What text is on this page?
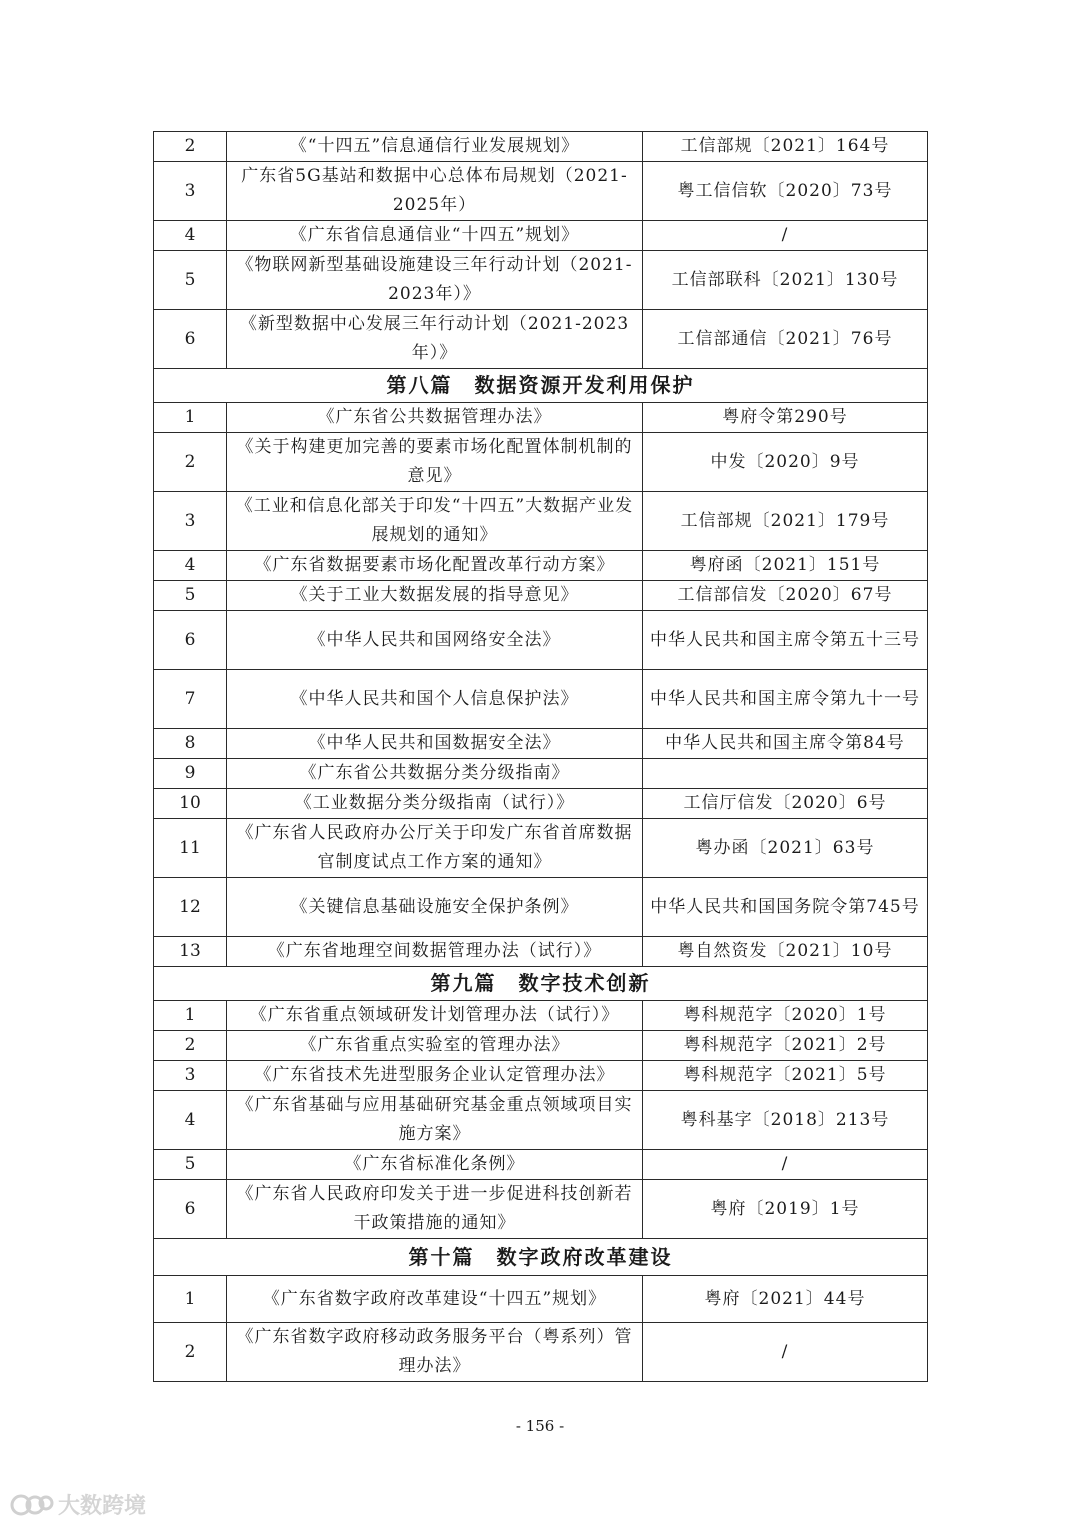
2	《“十四五”信息通信行业发展规划》	工信部规〔2021〕164号
3	广东省5G基站和数据中心总体布局规划（2021-2025年）	粤工信信软〔2020〕73号
4	《广东省信息通信业“十四五”规划》	/
5	《物联网新型基础设施建设三年行动计划（2021-2023年）》	工信部联科〔2021〕130号
6	《新型数据中心发展三年行动计划（2021-2023年）》	工信部通信〔2021〕76号
第八篇　数据资源开发利用保护		
1	《广东省公共数据管理办法》	粤府令第290号
2	《关于构建更加完善的要素市场化配置体制机制的意见》	中发〔2020〕9号
3	《工业和信息化部关于印发“十四五”大数据产业发展规划的通知》	工信部规〔2021〕179号
4	《广东省数据要素市场化配置改革行动方案》	粤府函〔2021〕151号
5	《关于工业大数据发展的指导意见》	工信部信发〔2020〕67号
6	《中华人民共和国网络安全法》	中华人民共和国主席令第五十三号
7	《中华人民共和国个人信息保护法》	中华人民共和国主席令第九十一号
8	《中华人民共和国数据安全法》	中华人民共和国主席令第84号
9	《广东省公共数据分类分级指南》	
10	《工业数据分类分级指南（试行）》	工信厅信发〔2020〕6号
11	《广东省人民政府办公厅关于印发广东省首席数据官制度试点工作方案的通知》	粤办函〔2021〕63号
12	《关键信息基础设施安全保护条例》	中华人民共和国国务院令第745号
13	《广东省地理空间数据管理办法（试行）》	粤自然资发〔2021〕10号
第九篇　数字技术创新		
1	《广东省重点领域研发计划管理办法（试行）》	粤科规范字〔2020〕1号
2	《广东省重点实验室的管理办法》	粤科规范字〔2021〕2号
3	《广东省技术先进型服务企业认定管理办法》	粤科规范字〔2021〕5号
4	《广东省基础与应用基础研究基金重点领域项目实施方案》	粤科基字〔2018〕213号
5	《广东省标准化条例》	/
6	《广东省人民政府印发关于进一步促进科技创新若干政策措施的通知》	粤府〔2019〕1号
第十篇　数字政府改革建设		
1	《广东省数字政府改革建设“十四五”规划》	粤府〔2021〕44号
2	《广东省数字政府移动政务服务平台（粤系列）管理办法》	/
- 156 -
大数跨境
